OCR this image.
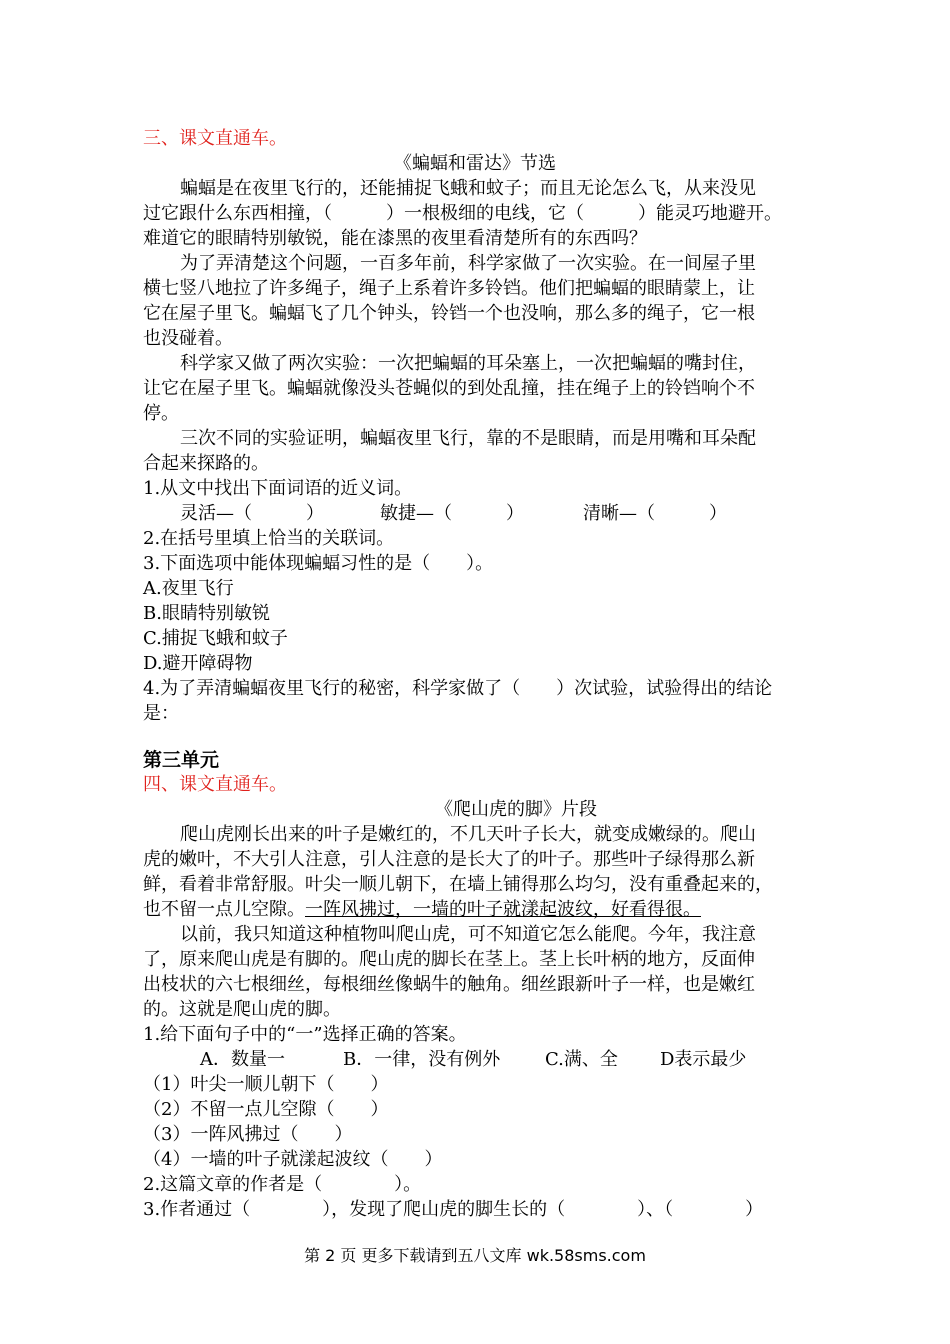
三、课文直通车。
《蝙蝠和雷达》节选
蝙蝠是在夜里飞行的，还能捕捉飞蛾和蚊子；而且无论怎么飞，从来没见
过它跟什么东西相撞，（　　　）一根极细的电线，它（　　　）能灵巧地避开。
难道它的眼睛特别敏锐，能在漆黑的夜里看清楚所有的东西吗？
为了弄清楚这个问题，一百多年前，科学家做了一次实验。在一间屋子里
横七竖八地拉了许多绳子，绳子上系着许多铃铛。他们把蝙蝠的眼睛蒙上，让
它在屋子里飞。蝙蝠飞了几个钟头，铃铛一个也没响，那么多的绳子，它一根
也没碰着。
科学家又做了两次实验：一次把蝙蝠的耳朵塞上，一次把蝙蝠的嘴封住，
让它在屋子里飞。蝙蝠就像没头苍蝇似的到处乱撞，挂在绳子上的铃铛响个不
停。
三次不同的实验证明，蝙蝠夜里飞行，靠的不是眼睛，而是用嘴和耳朵配
合起来探路的。
1.从文中找出下面词语的近义词。
灵活—（　　　）	敏捷—（　　　）	清晰—（　　　）
2.在括号里填上恰当的关联词。
3.下面选项中能体现蝙蝠习性的是（　　）。
A.夜里飞行
B.眼睛特别敏锐
C.捕捉飞蛾和蚊子
D.避开障碍物
4.为了弄清蝙蝠夜里飞行的秘密，科学家做了（　　）次试验，试验得出的结论
是：
第三单元
四、课文直通车。
《爬山虎的脚》片段
爬山虎刚长出来的叶子是嫩红的，不几天叶子长大，就变成嫩绿的。爬山
虎的嫩叶，不大引人注意，引人注意的是长大了的叶子。那些叶子绿得那么新
鲜，看着非常舒服。叶尖一顺儿朝下，在墙上铺得那么均匀，没有重叠起来的，
也不留一点儿空隙。一阵风拂过，一墙的叶子就漾起波纹，好看得很。
以前，我只知道这种植物叫爬山虎，可不知道它怎么能爬。今年，我注意
了，原来爬山虎是有脚的。爬山虎的脚长在茎上。茎上长叶柄的地方，反面伸
出枝状的六七根细丝，每根细丝像蜗牛的触角。细丝跟新叶子一样，也是嫩红
的。这就是爬山虎的脚。
1.给下面句子中的“一”选择正确的答案。
A．数量一	B．一律，没有例外 C.满、全 D表示最少
（1）叶尖一顺儿朝下（　　）
（2）不留一点儿空隙（　　）
（3）一阵风拂过（　　）
（4）一墙的叶子就漾起波纹（　　）
2.这篇文章的作者是（　　　　）。
3.作者通过（　　　　），发现了爬山虎的脚生长的（　　　　）、（　　　　）
第 2 页 更多下载请到五八文库 wk.58sms.com
